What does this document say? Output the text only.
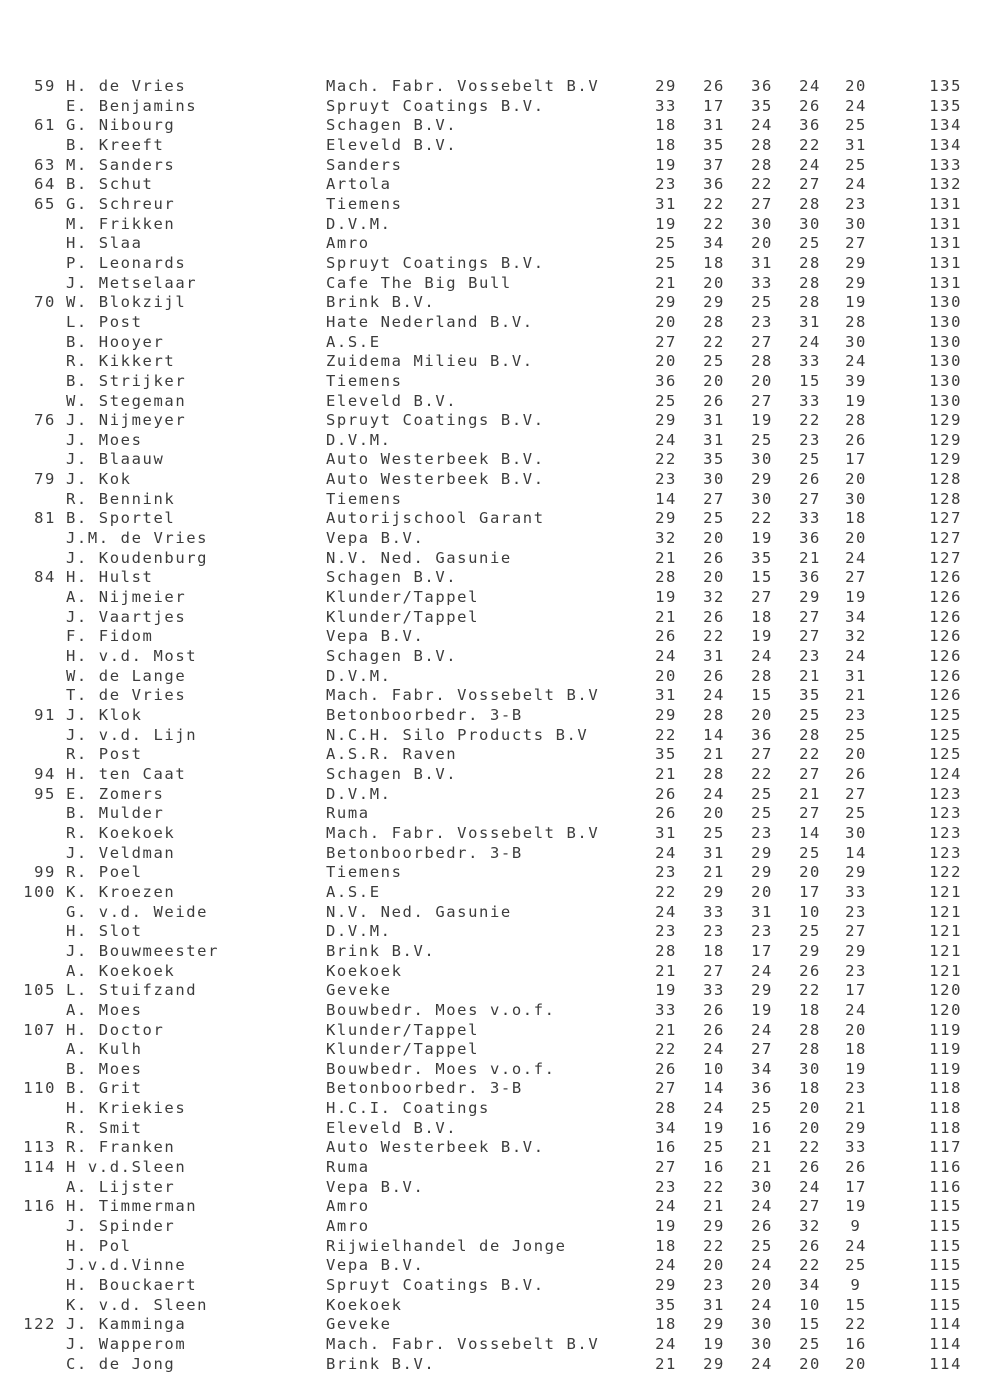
59 H. de Vries	Mach. Fabr. Vossebelt B.V	29	26	36	24	20	135
E. Benjamins	Spruyt Coatings B.V.	33	17	35	26	24	135
61 G. Nibourg	Schagen B.V.	18	31	24	36	25	134
B. Kreeft	Eleveld B.V.	18	35	28	22	31	134
63 M. Sanders	Sanders	19	37	28	24	25	133
64 B. Schut	Artola	23	36	22	27	24	132
65 G. Schreur	Tiemens	31	22	27	28	23	131
M. Frikken	D.V.M.	19	22	30	30	30	131
H. Slaa	Amro	25	34	20	25	27	131
P. Leonards	Spruyt Coatings B.V.	25	18	31	28	29	131
J. Metselaar	Cafe The Big Bull	21	20	33	28	29	131
70 W. Blokzijl	Brink B.V.	29	29	25	28	19	130
L. Post	Hate Nederland B.V.	20	28	23	31	28	130
B. Hooyer	A.S.E	27	22	27	24	30	130
R. Kikkert	Zuidema Milieu B.V.	20	25	28	33	24	130
B. Strijker	Tiemens	36	20	20	15	39	130
W. Stegeman	Eleveld B.V.	25	26	27	33	19	130
76 J. Nijmeyer	Spruyt Coatings B.V.	29	31	19	22	28	129
J. Moes	D.V.M.	24	31	25	23	26	129
J. Blaauw	Auto Westerbeek B.V.	22	35	30	25	17	129
79 J. Kok	Auto Westerbeek B.V.	23	30	29	26	20	128
R. Bennink	Tiemens	14	27	30	27	30	128
81 B. Sportel	Autorijschool Garant	29	25	22	33	18	127
J.M. de Vries	Vepa B.V.	32	20	19	36	20	127
J. Koudenburg	N.V. Ned. Gasunie	21	26	35	21	24	127
84 H. Hulst	Schagen B.V.	28	20	15	36	27	126
A. Nijmeier	Klunder/Tappel	19	32	27	29	19	126
J. Vaartjes	Klunder/Tappel	21	26	18	27	34	126
F. Fidom	Vepa B.V.	26	22	19	27	32	126
H. v.d. Most	Schagen B.V.	24	31	24	23	24	126
W. de Lange	D.V.M.	20	26	28	21	31	126
T. de Vries	Mach. Fabr. Vossebelt B.V	31	24	15	35	21	126
91 J. Klok	Betonboorbedr. 3-B	29	28	20	25	23	125
J. v.d. Lijn	N.C.H. Silo Products B.V	22	14	36	28	25	125
R. Post	A.S.R. Raven	35	21	27	22	20	125
94 H. ten Caat	Schagen B.V.	21	28	22	27	26	124
95 E. Zomers	D.V.M.	26	24	25	21	27	123
B. Mulder	Ruma	26	20	25	27	25	123
R. Koekoek	Mach. Fabr. Vossebelt B.V	31	25	23	14	30	123
J. Veldman	Betonboorbedr. 3-B	24	31	29	25	14	123
99 R. Poel	Tiemens	23	21	29	20	29	122
100 K. Kroezen	A.S.E	22	29	20	17	33	121
G. v.d. Weide	N.V. Ned. Gasunie	24	33	31	10	23	121
H. Slot	D.V.M.	23	23	23	25	27	121
J. Bouwmeester	Brink B.V.	28	18	17	29	29	121
A. Koekoek	Koekoek	21	27	24	26	23	121
105 L. Stuifzand	Geveke	19	33	29	22	17	120
A. Moes	Bouwbedr. Moes v.o.f.	33	26	19	18	24	120
107 H. Doctor	Klunder/Tappel	21	26	24	28	20	119
A. Kulh	Klunder/Tappel	22	24	27	28	18	119
B. Moes	Bouwbedr. Moes v.o.f.	26	10	34	30	19	119
110 B. Grit	Betonboorbedr. 3-B	27	14	36	18	23	118
H. Kriekies	H.C.I. Coatings	28	24	25	20	21	118
R. Smit	Eleveld B.V.	34	19	16	20	29	118
113 R. Franken	Auto Westerbeek B.V.	16	25	21	22	33	117
114 H v.d.Sleen	Ruma	27	16	21	26	26	116
A. Lijster	Vepa B.V.	23	22	30	24	17	116
116 H. Timmerman	Amro	24	21	24	27	19	115
J. Spinder	Amro	19	29	26	32	9	115
H. Pol	Rijwielhandel de Jonge	18	22	25	26	24	115
J.v.d.Vinne	Vepa B.V.	24	20	24	22	25	115
H. Bouckaert	Spruyt Coatings B.V.	29	23	20	34	9	115
K. v.d. Sleen	Koekoek	35	31	24	10	15	115
122 J. Kamminga	Geveke	18	29	30	15	22	114
J. Wapperom	Mach. Fabr. Vossebelt B.V	24	19	30	25	16	114
C. de Jong	Brink B.V.	21	29	24	20	20	114
